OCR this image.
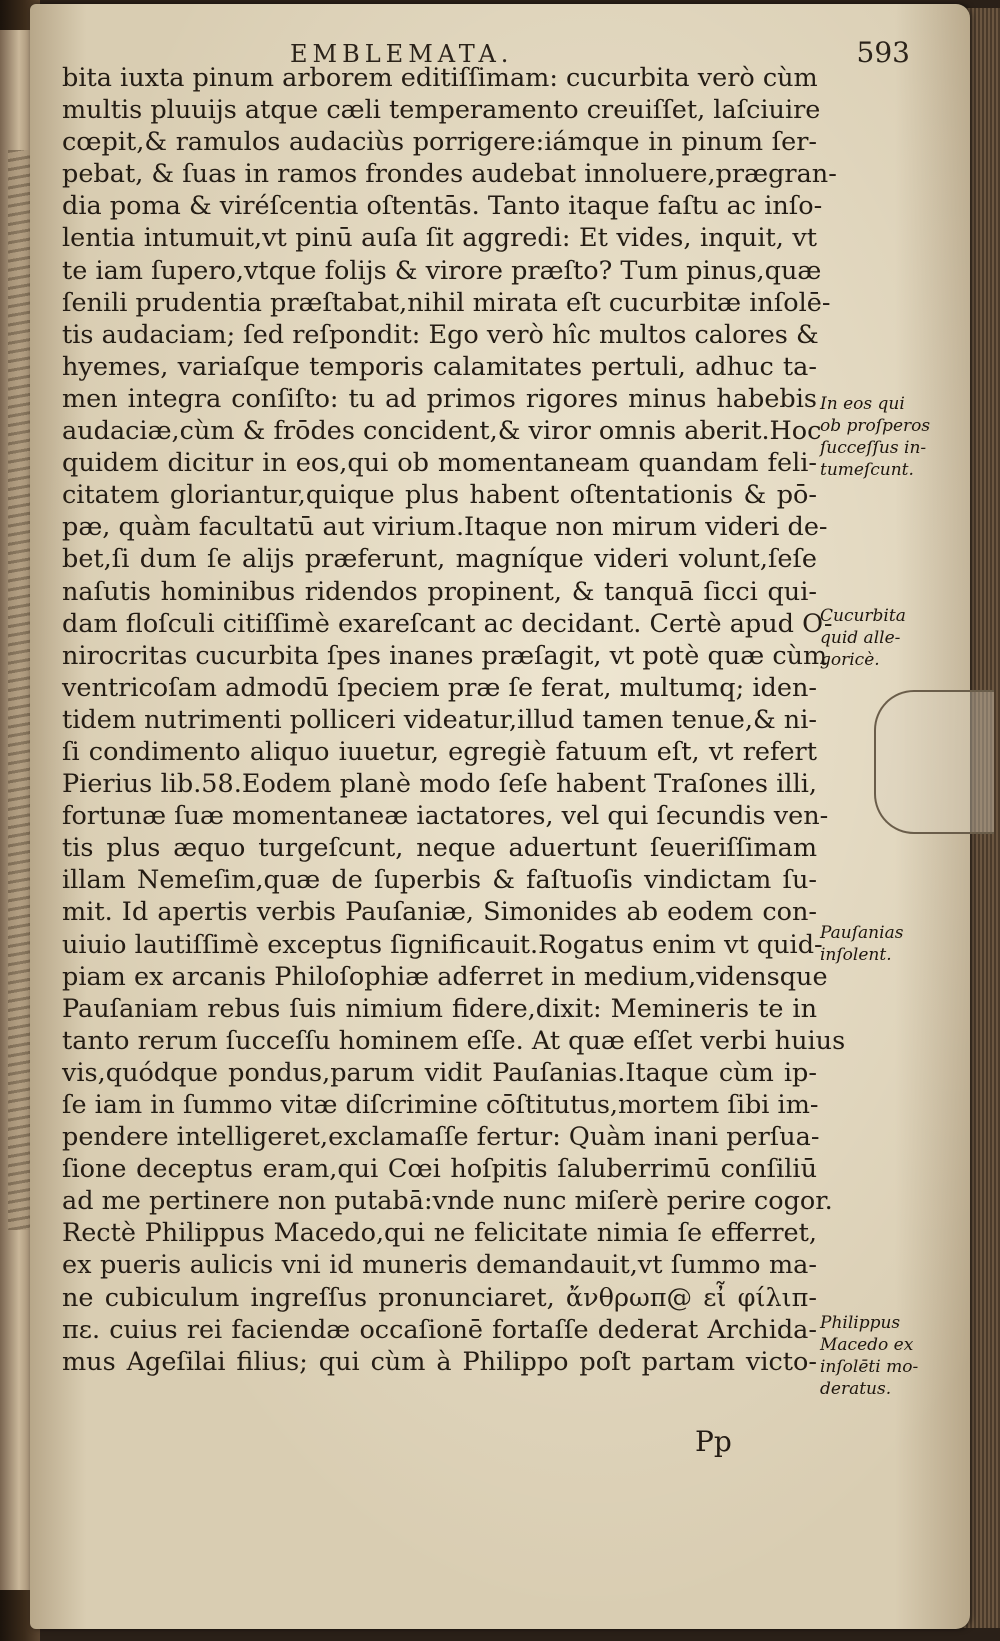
EMBLEMATA.	593
bita iuxta pinum arborem editiſſimam: cucurbita verò cùm
multis pluuijs atque cæli temperamento creuiſſet, laſciuire
cœpit,& ramulos audaciùs porrigere:iámque in pinum ſer-
pebat, & ſuas in ramos frondes audebat innoluere,prægran-
dia poma & viréſcentia oſtentās. Tanto itaque faſtu ac inſo-
lentia intumuit,vt pinū auſa ſit aggredi: Et vides, inquit, vt
te iam ſupero,vtque folijs & virore præſto? Tum pinus,quæ
ſenili prudentia præſtabat,nihil mirata eſt cucurbitæ inſolē-
tis audaciam; ſed reſpondit: Ego verò hîc multos calores &
hyemes, variaſque temporis calamitates pertuli, adhuc ta-
men integra conſiſto: tu ad primos rigores minus habebis
audaciæ,cùm & frōdes concident,& viror omnis aberit.Hoc
quidem dicitur in eos,qui ob momentaneam quandam feli-
citatem gloriantur,quique plus habent oſtentationis & pō-
pæ, quàm facultatū aut virium.Itaque non mirum videri de-
bet,ſi dum ſe alijs præferunt, magníque videri volunt,ſeſe
naſutis hominibus ridendos propinent, & tanquā ſicci qui-
dam floſculi citiſſimè exareſcant ac decidant. Certè apud O-
nirocritas cucurbita ſpes inanes præſagit, vt potè quæ cùm
ventricoſam admodū ſpeciem præ ſe ferat, multumq; iden-
tidem nutrimenti polliceri videatur,illud tamen tenue,& ni-
ſi condimento aliquo iuuetur, egregiè fatuum eſt, vt refert
Pierius lib.58.Eodem planè modo ſeſe habent Traſones illi,
fortunæ ſuæ momentaneæ iactatores, vel qui ſecundis ven-
tis plus æquo turgeſcunt, neque aduertunt ſeueriſſimam
illam Nemeſim,quæ de ſuperbis & faſtuoſis vindictam ſu-
mit. Id apertis verbis Pauſaniæ, Simonides ab eodem con-
uiuio lautiſſimè exceptus ſignificauit.Rogatus enim vt quid-
piam ex arcanis Philoſophiæ adferret in medium,vidensque
Pauſaniam rebus ſuis nimium fidere,dixit: Memineris te in
tanto rerum ſucceſſu hominem eſſe. At quæ eſſet verbi huius
vis,quódque pondus,parum vidit Pauſanias.Itaque cùm ip-
ſe iam in ſummo vitæ diſcrimine cōſtitutus,mortem ſibi im-
pendere intelligeret,exclamaſſe fertur: Quàm inani perſua-
ſione deceptus eram,qui Cœi hoſpitis ſaluberrimū conſiliū
ad me pertinere non putabā:vnde nunc miſerè perire cogor.
Rectè Philippus Macedo,qui ne felicitate nimia ſe efferret,
ex pueris aulicis vni id muneris demandauit,vt ſummo ma-
ne cubiculum ingreſſus pronunciaret, ἄνθρωπ@ εἶ φίλιπ-
πε. cuius rei faciendæ occaſionē fortaſſe dederat Archida-
mus Ageſilai filius; qui cùm à Philippo poſt partam victo-
Pp
In eos qui
ob proſperos
ſucceſſus in-
tumeſcunt.
Cucurbita
quid alle-
goricè.
Pauſanias
inſolent.
Philippus
Macedo ex
inſolēti mo-
deratus.
